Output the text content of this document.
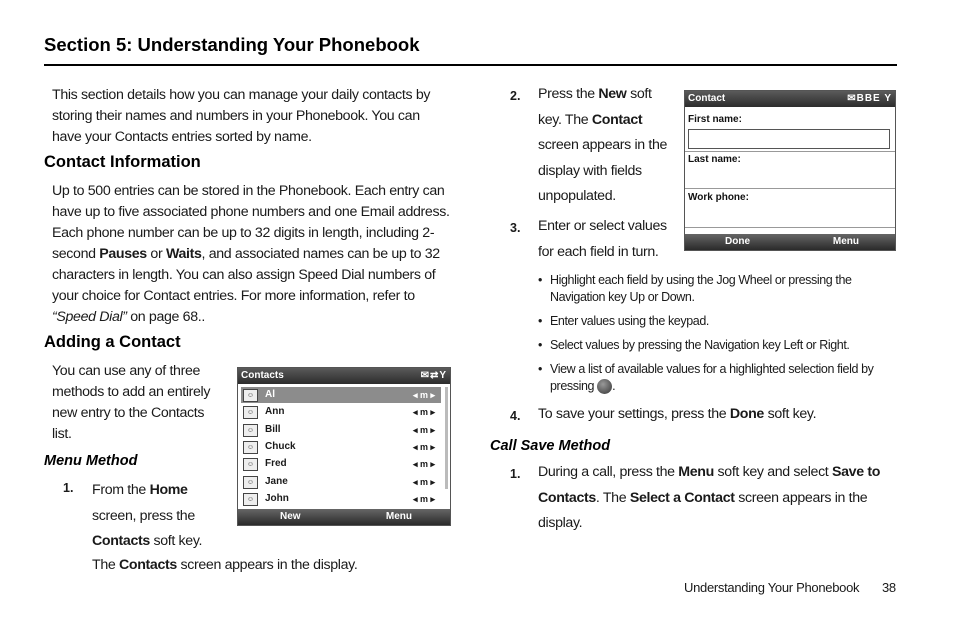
Section 5: Understanding Your Phonebook
This section details how you can manage your daily contacts by storing their names and numbers in your Phonebook. You can have your Contacts entries sorted by name.
Contact Information
Up to 500 entries can be stored in the Phonebook. Each entry can have up to five associated phone numbers and one Email address. Each phone number can be up to 32 digits in length, including 2-second Pauses or Waits, and associated names can be up to 32 characters in length. You can also assign Speed Dial numbers of your choice for Contact entries. For more information, refer to “Speed Dial” on page 68..
Adding a Contact
You can use any of three methods to add an entirely new entry to the Contacts list.
Menu Method
1. From the Home
screen, press the
Contacts soft key.
The Contacts screen appears in the display.
Contacts	✉⇄Y
☺	Al	◂ m ▸
☺	Ann	◂ m ▸
☺	Bill	◂ m ▸
☺	Chuck	◂ m ▸
☺	Fred	◂ m ▸
☺	Jane	◂ m ▸
☺	John	◂ m ▸
New	Menu
2. Press the New soft
key. The Contact
screen appears in the
display with fields
unpopulated.
3. Enter or select values
for each field in turn.
Contact	✉BBE Y
First name:
Last name:
Work phone:
Done	Menu
• Highlight each field by using the Jog Wheel or pressing the Navigation key Up or Down.
• Enter values using the keypad.
• Select values by pressing the Navigation key Left or Right.
• View a list of available values for a highlighted selection field by pressing .
4. To save your settings, press the Done soft key.
Call Save Method
1. During a call, press the Menu soft key and select Save to
Contacts. The Select a Contact screen appears in the
display.
Understanding Your Phonebook 38
